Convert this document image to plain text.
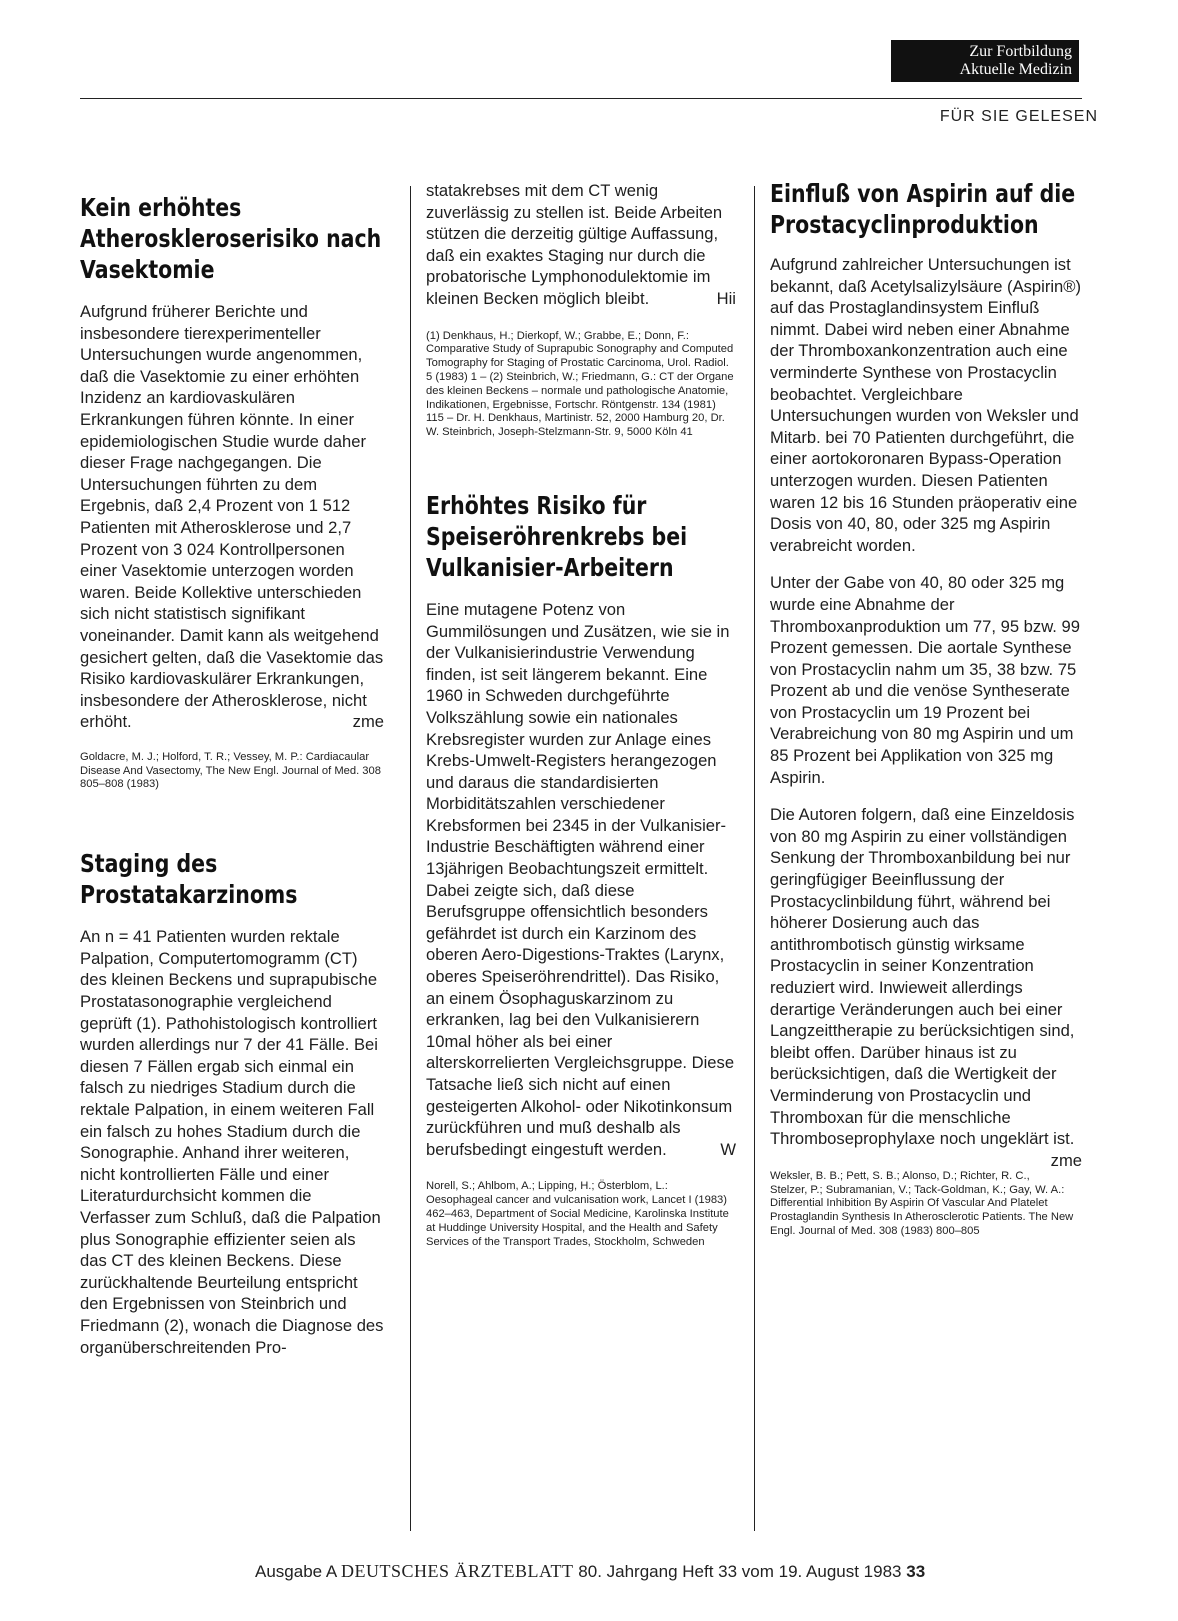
Zur Fortbildung
Aktuelle Medizin
FÜR SIE GELESEN
Kein erhöhtes Atheroskleroserisiko nach Vasektomie

Aufgrund früherer Berichte und insbesondere tierexperimenteller Untersuchungen wurde angenommen, daß die Vasektomie zu einer erhöhten Inzidenz an kardiovaskulären Erkrankungen führen könnte. In einer epidemiologischen Studie wurde daher dieser Frage nachgegangen. Die Untersuchungen führten zu dem Ergebnis, daß 2,4 Prozent von 1 512 Patienten mit Atherosklerose und 2,7 Prozent von 3 024 Kontrollpersonen einer Vasektomie unterzogen worden waren. Beide Kollektive unterschieden sich nicht statistisch signifikant voneinander. Damit kann als weitgehend gesichert gelten, daß die Vasektomie das Risiko kardiovaskulärer Erkrankungen, insbesondere der Atherosklerose, nicht erhöht.	zme

Goldacre, M. J.; Holford, T. R.; Vessey, M. P.: Cardiacaular Disease And Vasectomy, The New Engl. Journal of Med. 308 805–808 (1983)

Staging des Prostatakarzinoms

An n = 41 Patienten wurden rektale Palpation, Computertomogramm (CT) des kleinen Beckens und suprapubische Prostatasonographie vergleichend geprüft (1). Pathohistologisch kontrolliert wurden allerdings nur 7 der 41 Fälle. Bei diesen 7 Fällen ergab sich einmal ein falsch zu niedriges Stadium durch die rektale Palpation, in einem weiteren Fall ein falsch zu hohes Stadium durch die Sonographie. Anhand ihrer weiteren, nicht kontrollierten Fälle und einer Literaturdurchsicht kommen die Verfasser zum Schluß, daß die Palpation plus Sonographie effizienter seien als das CT des kleinen Beckens. Diese zurückhaltende Beurteilung entspricht den Ergebnissen von Steinbrich und Friedmann (2), wonach die Diagnose des organüberschreitenden Pro-

statakrebses mit dem CT wenig zuverlässig zu stellen ist. Beide Arbeiten stützen die derzeitig gültige Auffassung, daß ein exaktes Staging nur durch die probatorische Lymphonodulektomie im kleinen Becken möglich bleibt.	Hii

(1) Denkhaus, H.; Dierkopf, W.; Grabbe, E.; Donn, F.: Comparative Study of Suprapubic Sonography and Computed Tomography for Staging of Prostatic Carcinoma, Urol. Radiol. 5 (1983) 1 – (2) Steinbrich, W.; Friedmann, G.: CT der Organe des kleinen Beckens – normale und pathologische Anatomie, Indikationen, Ergebnisse, Fortschr. Röntgenstr. 134 (1981) 115 – Dr. H. Denkhaus, Martinistr. 52, 2000 Hamburg 20, Dr. W. Steinbrich, Joseph-Stelzmann-Str. 9, 5000 Köln 41

Erhöhtes Risiko für Speiseröhrenkrebs bei Vulkanisier-Arbeitern

Eine mutagene Potenz von Gummilösungen und Zusätzen, wie sie in der Vulkanisierindustrie Verwendung finden, ist seit längerem bekannt. Eine 1960 in Schweden durchgeführte Volkszählung sowie ein nationales Krebsregister wurden zur Anlage eines Krebs-Umwelt-Registers herangezogen und daraus die standardisierten Morbiditätszahlen verschiedener Krebsformen bei 2345 in der Vulkanisier-Industrie Beschäftigten während einer 13jährigen Beobachtungszeit ermittelt. Dabei zeigte sich, daß diese Berufsgruppe offensichtlich besonders gefährdet ist durch ein Karzinom des oberen Aero-Digestions-Traktes (Larynx, oberes Speiseröhrendrittel). Das Risiko, an einem Ösophaguskarzinom zu erkranken, lag bei den Vulkanisierern 10mal höher als bei einer alterskorrelierten Vergleichsgruppe. Diese Tatsache ließ sich nicht auf einen gesteigerten Alkohol- oder Nikotinkonsum zurückführen und muß deshalb als berufsbedingt eingestuft werden.	W

Norell, S.; Ahlbom, A.; Lipping, H.; Österblom, L.: Oesophageal cancer and vulcanisation work, Lancet I (1983) 462–463, Department of Social Medicine, Karolinska Institute at Huddinge University Hospital, and the Health and Safety Services of the Transport Trades, Stockholm, Schweden

Einfluß von Aspirin auf die Prostacyclinproduktion

Aufgrund zahlreicher Untersuchungen ist bekannt, daß Acetylsalizylsäure (Aspirin®) auf das Prostaglandinsystem Einfluß nimmt. Dabei wird neben einer Abnahme der Thromboxankonzentration auch eine verminderte Synthese von Prostacyclin beobachtet. Vergleichbare Untersuchungen wurden von Weksler und Mitarb. bei 70 Patienten durchgeführt, die einer aortokoronaren Bypass-Operation unterzogen wurden. Diesen Patienten waren 12 bis 16 Stunden präoperativ eine Dosis von 40, 80, oder 325 mg Aspirin verabreicht worden.

Unter der Gabe von 40, 80 oder 325 mg wurde eine Abnahme der Thromboxanproduktion um 77, 95 bzw. 99 Prozent gemessen. Die aortale Synthese von Prostacyclin nahm um 35, 38 bzw. 75 Prozent ab und die venöse Syntheserate von Prostacyclin um 19 Prozent bei Verabreichung von 80 mg Aspirin und um 85 Prozent bei Applikation von 325 mg Aspirin.

Die Autoren folgern, daß eine Einzeldosis von 80 mg Aspirin zu einer vollständigen Senkung der Thromboxanbildung bei nur geringfügiger Beeinflussung der Prostacyclinbildung führt, während bei höherer Dosierung auch das antithrombotisch günstig wirksame Prostacyclin in seiner Konzentration reduziert wird. Inwieweit allerdings derartige Veränderungen auch bei einer Langzeittherapie zu berücksichtigen sind, bleibt offen. Darüber hinaus ist zu berücksichtigen, daß die Wertigkeit der Verminderung von Prostacyclin und Thromboxan für die menschliche Thromboseprophylaxe noch ungeklärt ist.
zme

Weksler, B. B.; Pett, S. B.; Alonso, D.; Richter, R. C., Stelzer, P.; Subramanian, V.; Tack-Goldman, K.; Gay, W. A.: Differential Inhibition By Aspirin Of Vascular And Platelet Prostaglandin Synthesis In Atherosclerotic Patients. The New Engl. Journal of Med. 308 (1983) 800–805

Ausgabe A DEUTSCHES ÄRZTEBLATT 80. Jahrgang Heft 33 vom 19. August 1983 33
